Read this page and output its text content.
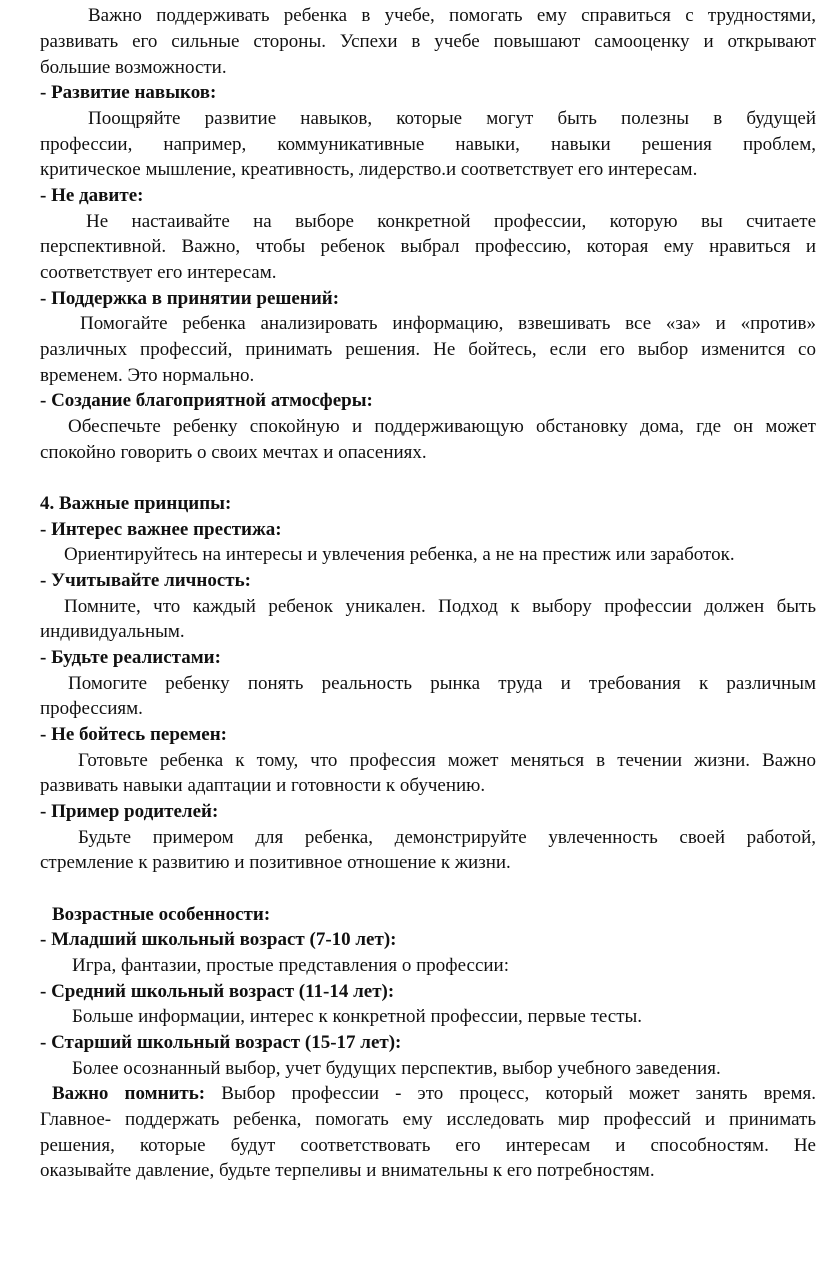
Важно поддерживать ребенка в учебе, помогать ему справиться с трудностями,
развивать его сильные стороны. Успехи в учебе повышают самооценку и открывают
большие возможности.
- Развитие навыков:
Поощряйте развитие навыков, которые могут быть полезны в будущей
профессии, например, коммуникативные навыки, навыки решения проблем,
критическое мышление, креативность, лидерство.и соответствует его интересам.
- Не давите:
Не настаивайте на выборе конкретной профессии, которую вы считаете
перспективной. Важно, чтобы ребенок выбрал профессию, которая ему нравиться и
соответствует его интересам.
- Поддержка в принятии решений:
Помогайте ребенка анализировать информацию, взвешивать все «за» и «против»
различных профессий, принимать решения. Не бойтесь, если его выбор изменится со
временем. Это нормально.
- Создание благоприятной атмосферы:
Обеспечьте ребенку спокойную и поддерживающую обстановку дома, где он может
спокойно говорить о своих мечтах и опасениях.
4. Важные принципы:
- Интерес важнее престижа:
Ориентируйтесь на интересы и увлечения ребенка, а не на престиж или заработок.
- Учитывайте личность:
Помните, что каждый ребенок уникален. Подход к выбору профессии должен быть
индивидуальным.
- Будьте реалистами:
Помогите ребенку понять реальность рынка труда и требования к различным
профессиям.
- Не бойтесь перемен:
Готовьте ребенка к тому, что профессия может меняться в течении жизни. Важно
развивать навыки адаптации и готовности к обучению.
- Пример родителей:
Будьте примером для ребенка, демонстрируйте увлеченность своей работой,
стремление к развитию и позитивное отношение к жизни.
Возрастные особенности:
- Младший школьный возраст (7-10 лет):
Игра, фантазии, простые представления о профессии:
- Средний школьный возраст (11-14 лет):
Больше информации, интерес к конкретной профессии, первые тесты.
- Старший школьный возраст (15-17 лет):
Более осознанный выбор, учет будущих перспектив, выбор учебного заведения.
Важно помнить: Выбор профессии - это процесс, который может занять время.
Главное- поддержать ребенка, помогать ему исследовать мир профессий и принимать
решения, которые будут соответствовать его интересам и способностям. Не
оказывайте давление, будьте терпеливы и внимательны к его потребностям.
